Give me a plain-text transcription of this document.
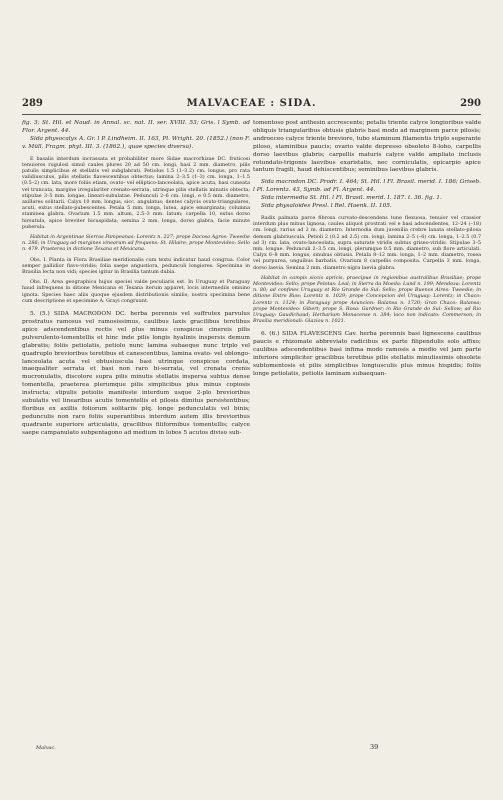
289	MALVACEAE : SIDA.	290

fig. 3; St. Hil. et Naud. in Annal. sc. nat. II. ser. XVIII. 53; Gris. l Symb. ad Flor. Argent. 44.

Sida physocalyx A. Gr. l P. Lindheim. II. 163, Pl. Wright. 20. (1852.) (non F. v. Müll. Fragm. phyt. III. 3. (1862.), quae species diversa).

E basalis interdum incrassata et probabiliter more Sidae macrorhizae DC. fruticosi tenuiores rugulosi simul caules plures 20 ad 50 cm. longi, basi 2 mm. diametro, pilis patulis simplicibus et stellatis vel subglabrati. Petiolus 1.5 (1–3.2) cm. longus, pro rata validiusculus, pilis stellatis flavescentibus obtectus; lamina 2–3.5 (1–3) cm. longa, 1–1.5 (0.5–2) cm. lata, more foliis etiam, ovato- vel elliptico-lanceolata, apice acuta, basi cuneata vel truncata, margine irregulariter crenato-serrata, utrinque pilis stellatis minutis obtecta; stipulae 3–5 mm. longae, lineari-subulatae. Pedunculi 2–6 cm. longi, e 0.5 mm. diametro, axillares solitarii. Calyx 10 mm. longus, sicc. angulatus; dentes calycis ovato-triangulares, acuti, extus stellato-pubescentes. Petala 5 mm. longa, lutea, apice emarginata; columna staminea glabra. Ovarium 1.5 mm. altum, 2.5–3 mm. latum; carpella 10, extus dorso hirsutula, apice breviter bicuspidata; semina 2 mm. longa, dorso glabra, facie minute puberula.

Habitat in Argentinae Sierras Pampeanas: Lorentz n. 227; prope Dacosa Agros: Tweedie n. 286; in Uruguay ad margines vinearum ad frequens: St. Hilaire; prope Montevideo: Sello n. 479. Praeterea in dictione Texana et Mexicana.

Obs. I. Planta in Flora Brasiliae meridionalis cum textu indicatur haud congrua. Color semper pallidior flavo-viridis; folia saepe angustiora, pedunculi longiores. Specimina in Brasilia lecta non vidi; species igitur in Brasilia tantum dubia.

Obs. II. Area geographica hujus speciei valde peculiaris est. In Uruguay et Paraguay haud infrequens in ditione Mexicana et Texana iterum apparet, locis intermediis omnino ignota. Species haec aliis quoque ejusdem distributionis similis; nostra specimina bene cum descriptione et specimine A. Grayi congruunt.

5. (5.) SIDA MACRODON DC. herba perennis vel suffrutex parvulus prostratus ramosus vel ramosissimus, caulibus laxis gracilibus teretibus apice adscendentibus rectis vel plus minus conspicue cinereis pilis pulverulento-tomentellis et hinc inde pilis longis hyalinis inspersis demum glabratis; foliis petiolatis, petiolo nunc lamina subaeque nunc triplo vel quadruplo brevioribus teretibus et canescentibus, lamina ovato- vel oblongo-lanceolata acuta vel obtusiuscula basi utrinque conspicue cordata, inaequaliter serrata et basi non raro bi-serrata, vel crenata crenis mucronulatis, discolore supra pilis minutis stellatis inspersa subtus dense tomentella, praeterea plerumque pilis simplicibus plus minus copiosis instructa; stipulis petiolis manifeste interdum usque 2-plo brevioribus subulatis vel linearibus acutis tomentellis et pilosis dimitus persistentibus; floribus ex axillis foliorum solitariis plq. longe pedunculatis vel binis; pedunculis non raro foliis superantibus interdum autem illis brevioribus quadrante superiore articulatis, gracilibus filiformibus tomentellis; calyce saepe campanulato subpentagono ad medium in lobos 5 acutos diviso sub-

tomentoso post anthesin accrescente; petalis triente calyce longioribus valde obliquis triangularibus obtusis glabris basi modo ad marginem parce pilosis; androeceo calyce triente breviore, tubo staminum filamentis triplo superante piloso, staminibus paucis; ovario valde depresso obsoleto 8-lobo, carpellis dorso laevibus glabris; carpellis maturis calyce valde ampliato inclusis rotundato-trigonis laevibus exaristatis, nec corniculatis, epicarpio apice tantum fragili, haud dehiscentibus; seminibus laevibus glabris.

Sida macrodon DC. Prodr. I. 464; St. Hil. l Fl. Brasil. merid. I. 186; Griseb. l Pl. Lorentz. 43, Symb. ad Fl. Argent. 44.

Sida intermedia St. Hil. l Fl. Brasil. merid. I. 187. t. 36. fig. 1.

Sida physaloides Presl. l Rel. Haenk. II. 105.

Radix palmata parce fibrosa curvato-descendens tune flexuosa, tenuior vel crassior interdum plus minus lignosa, caules aliquot prostrati vel e basi adscendentes, 12–24 (–18) cm. longi, rarius ad 2 m. diametro. Internodia dum juvenilia crebre lanata stellato-pilosa demum glabriuscula. Petioli 2 (0.2 ad 2.5) cm. longi, lamina 2–5 (–6) cm. longa, 1–2.5 (0.7 ad 3) cm. lata, ovato-lanceolata, supra saturate viridis subtus griseo-viridis. Stipulae 3–5 mm. longae. Pedunculi 2–3.5 cm. longi, plerumque 0.5 mm. diametro, sub flore articulati. Calyx 6–8 mm. longus, sinubus obtusis. Petala 8–12 mm. longa, 1–2 mm. diametro, rosea vel purpurea, unguibus barbatis. Ovarium 8 carpellis composita. Carpella 3 mm. longa, dorso laevia. Semina 2 mm. diametro nigra laevia glabra.

Habitat in campis siccis apricis, praecipue in regionibus australibus Brasiliae; prope Montevideo: Sello; prope Pelotas: Leal; in Sierra da Moeda: Lund n. 199; Mendoza: Lorentz n. 80; ad confines Uruguay et Rio Grande do Sul: Sello; prope Buenos Aires: Tweedie; in ditione Entre Rios: Lorentz n. 1029; prope Concepcion del Uruguay: Lorentz; in Chaco: Lorentz n. 1124; in Paraguay prope Asuncion: Balansa n. 1720; Gran Chaco: Balansa; prope Montevideo: Gibert; prope S. Rosa: Gardner; in Rio Grande do Sul: Sellow; ad Rio Uruguay: Gaudichaud; Herbarium Monacense n. 384; loco non indicato: Commerson; in Brasilia meridionali: Glaziou n. 1021.

6. (6.) SIDA FLAVESCENS Cav. herba perennis basi lignescens caulibus paucis e rhizomate abbreviato radicibus ex parte filipendulis solo affixo; caulibus adscendentibus basi infima modo ramosis a medio vel jam parte inferiore simpliciter gracilibus teretibus pilis stellatis minutissimis obsolete subtomentosis et pilis simplicibus longiusculis plus minus hispidis; foliis longe petiolatis, petiolis laminam subaequan-

Malvac.	39
